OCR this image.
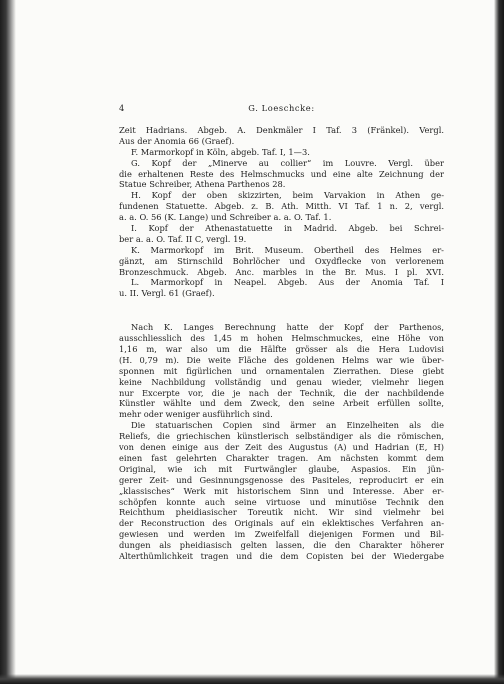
4	G. Loeschcke:
Zeit Hadrians. Abgeb. A. Denkmäler I Taf. 3 (Fränkel). Vergl.
Aus der Anomia 66 (Graef).
F. Marmorkopf in Köln, abgeb. Taf. I, 1—3.
G. Kopf der „Minerve au collier“ im Louvre. Vergl. über
die erhaltenen Reste des Helmschmucks und eine alte Zeichnung der
Statue Schreiber, Athena Parthenos 28.
H. Kopf der oben skizzirten, beim Varvakion in Athen ge-
fundenen Statuette. Abgeb. z. B. Ath. Mitth. VI Taf. 1 n. 2, vergl.
a. a. O. 56 (K. Lange) und Schreiber a. a. O. Taf. 1.
I. Kopf der Athenastatuette in Madrid. Abgeb. bei Schrei-
ber a. a. O. Taf. II C, vergl. 19.
K. Marmorkopf im Brit. Museum. Obertheil des Helmes er-
gänzt, am Stirnschild Bohrlöcher und Oxydflecke von verlorenem
Bronzeschmuck. Abgeb. Anc. marbles in the Br. Mus. I pl. XVI.
L. Marmorkopf in Neapel. Abgeb. Aus der Anomia Taf. I
u. II. Vergl. 61 (Graef).
Nach K. Langes Berechnung hatte der Kopf der Parthenos,
ausschliesslich des 1,45 m hohen Helmschmuckes, eine Höhe von
1,16 m, war also um die Hälfte grösser als die Hera Ludovisi
(H. 0,79 m). Die weite Fläche des goldenen Helms war wie über-
sponnen mit figürlichen und ornamentalen Zierrathen. Diese giebt
keine Nachbildung vollständig und genau wieder, vielmehr liegen
nur Excerpte vor, die je nach der Technik, die der nachbildende
Künstler wählte und dem Zweck, den seine Arbeit erfüllen sollte,
mehr oder weniger ausführlich sind.
Die statuarischen Copien sind ärmer an Einzelheiten als die
Reliefs, die griechischen künstlerisch selbständiger als die römischen,
von denen einige aus der Zeit des Augustus (A) und Hadrian (E, H)
einen fast gelehrten Charakter tragen. Am nächsten kommt dem
Original, wie ich mit Furtwängler glaube, Aspasios. Ein jün-
gerer Zeit- und Gesinnungsgenosse des Pasiteles, reproducirt er ein
„klassisches“ Werk mit historischem Sinn und Interesse. Aber er-
schöpfen konnte auch seine virtuose und minutiöse Technik den
Reichthum pheidiasischer Toreutik nicht. Wir sind vielmehr bei
der Reconstruction des Originals auf ein eklektisches Verfahren an-
gewiesen und werden im Zweifelfall diejenigen Formen und Bil-
dungen als pheidiasisch gelten lassen, die den Charakter höherer
Alterthümlichkeit tragen und die dem Copisten bei der Wiedergabe
